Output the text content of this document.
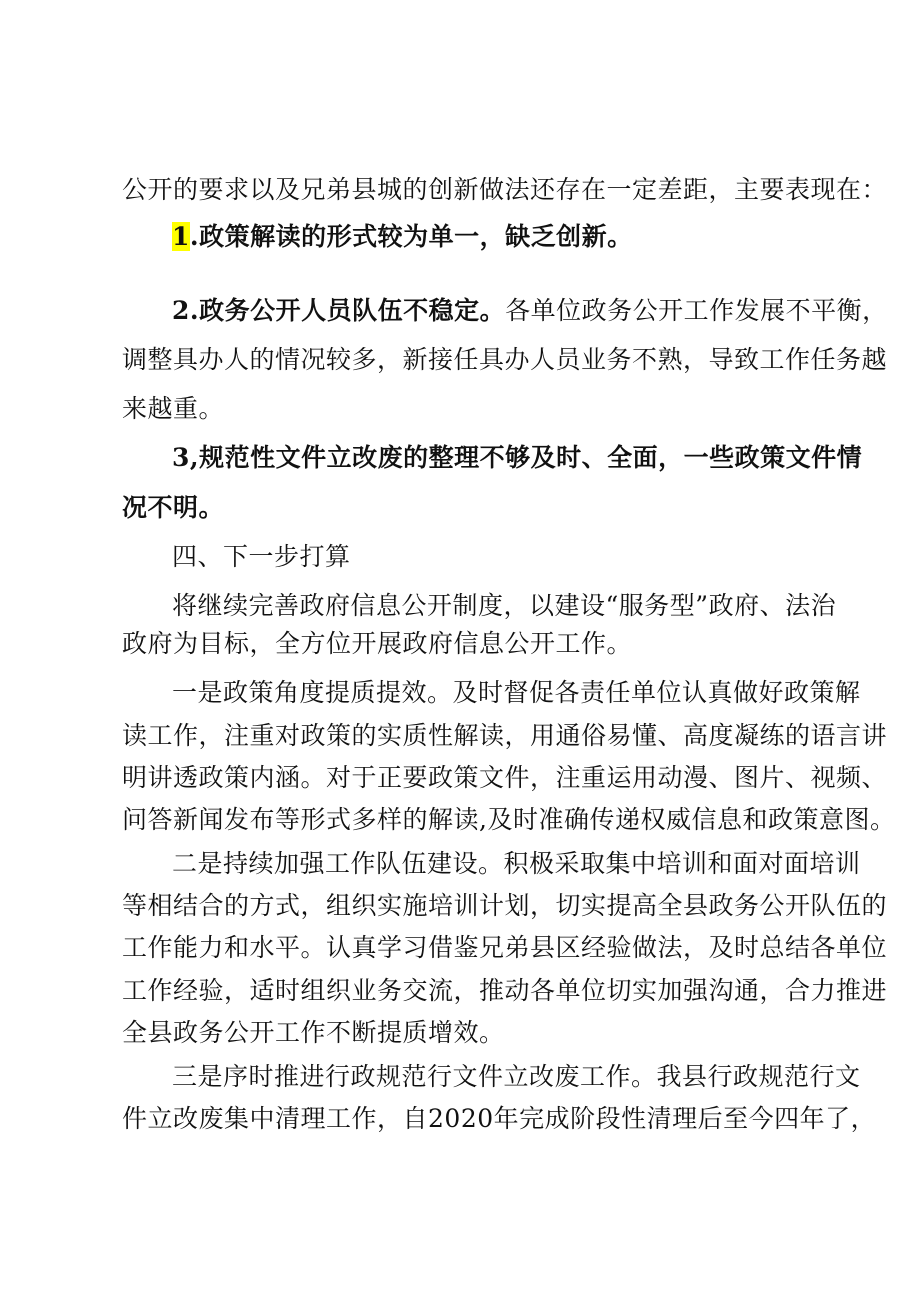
公开的要求以及兄弟县城的创新做法还存在一定差距，主要表现在：
1.政策解读的形式较为单一，缺乏创新。
2.政务公开人员队伍不稳定。各单位政务公开工作发展不平衡，
调整具办人的情况较多，新接任具办人员业务不熟，导致工作任务越
来越重。
3,规范性文件立改废的整理不够及时、全面，一些政策文件情
况不明。
四、下一步打算
将继续完善政府信息公开制度，以建设“服务型”政府、法治
政府为目标，全方位开展政府信息公开工作。
一是政策角度提质提效。及时督促各责任单位认真做好政策解
读工作，注重对政策的实质性解读，用通俗易懂、高度凝练的语言讲
明讲透政策内涵。对于正要政策文件，注重运用动漫、图片、视频、
问答新闻发布等形式多样的解读,及时准确传递权威信息和政策意图。
二是持续加强工作队伍建设。积极采取集中培训和面对面培训
等相结合的方式，组织实施培训计划，切实提高全县政务公开队伍的
工作能力和水平。认真学习借鉴兄弟县区经验做法，及时总结各单位
工作经验，适时组织业务交流，推动各单位切实加强沟通，合力推进
全县政务公开工作不断提质增效。
三是序时推进行政规范行文件立改废工作。我县行政规范行文
件立改废集中清理工作，自2020年完成阶段性清理后至今四年了，
